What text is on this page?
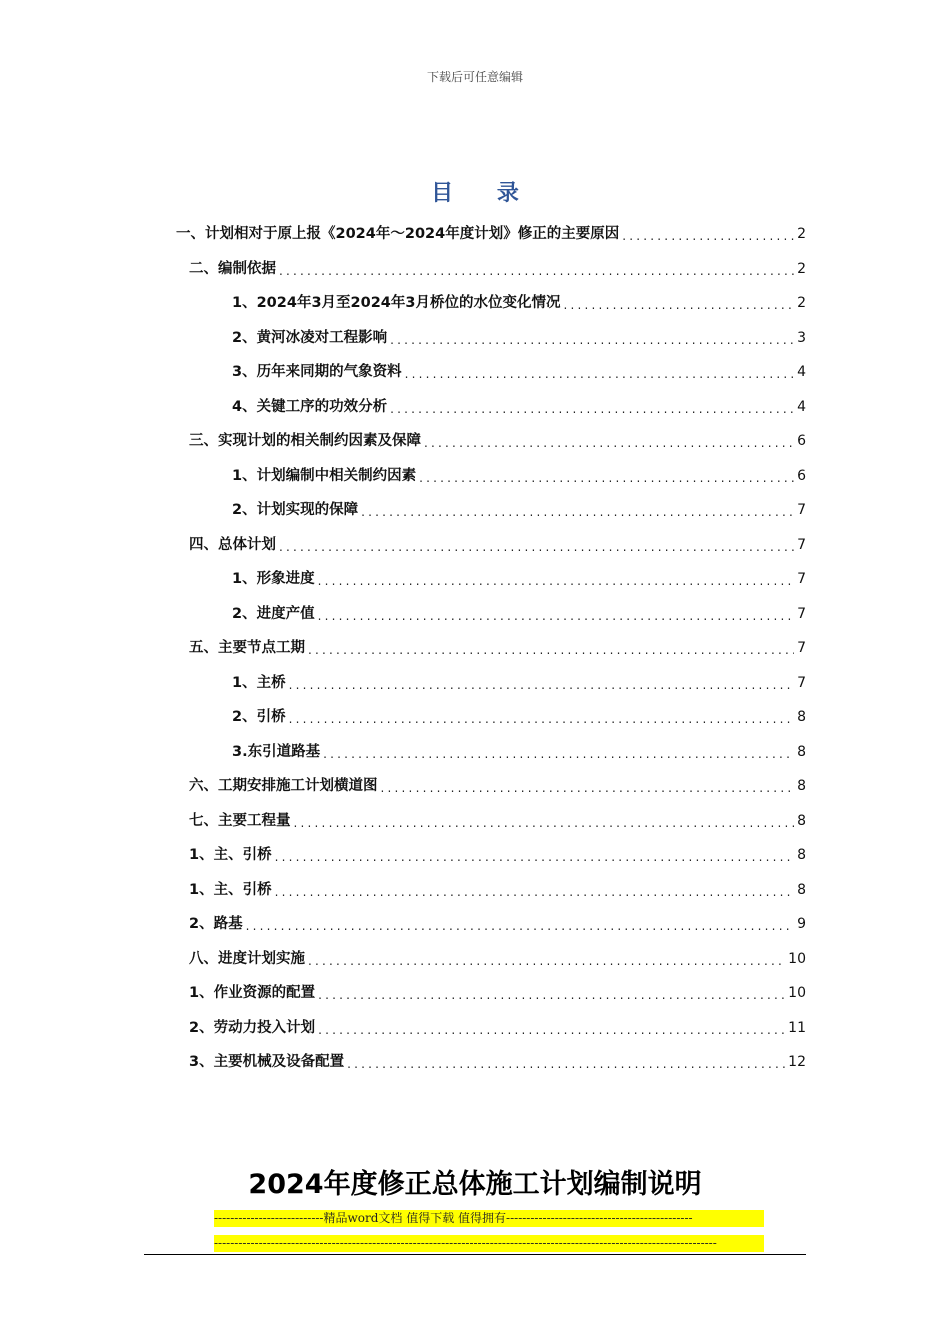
下载后可任意编辑
目 录
一、计划相对于原上报《2024年～2024年度计划》修正的主要原因 .....	2
二、编制依据 .....	2
1、2024年3月至2024年3月桥位的水位变化情况 .....	2
2、黄河冰凌对工程影响 .....	3
3、历年来同期的气象资料 .....	4
4、关键工序的功效分析 .....	4
三、实现计划的相关制约因素及保障 .....	6
1、计划编制中相关制约因素 .....	6
2、计划实现的保障 .....	7
四、总体计划 .....	7
1、形象进度 .....	7
2、进度产值 .....	7
五、主要节点工期 .....	7
1、主桥 .....	7
2、引桥 .....	8
3.东引道路基 .....	8
六、工期安排施工计划横道图 .....	8
七、主要工程量 .....	8
1、主、引桥 .....	8
1、主、引桥 .....	8
2、路基 .....	9
八、进度计划实施 .....	10
1、作业资源的配置 .....	10
2、劳动力投入计划 .....	11
3、主要机械及设备配置 .....	12
2024年度修正总体施工计划编制说明
---------------------------精品word文档 值得下载 值得拥有----------------------------------------------
----------------------------------------------------------------------------------------------------------------------------
